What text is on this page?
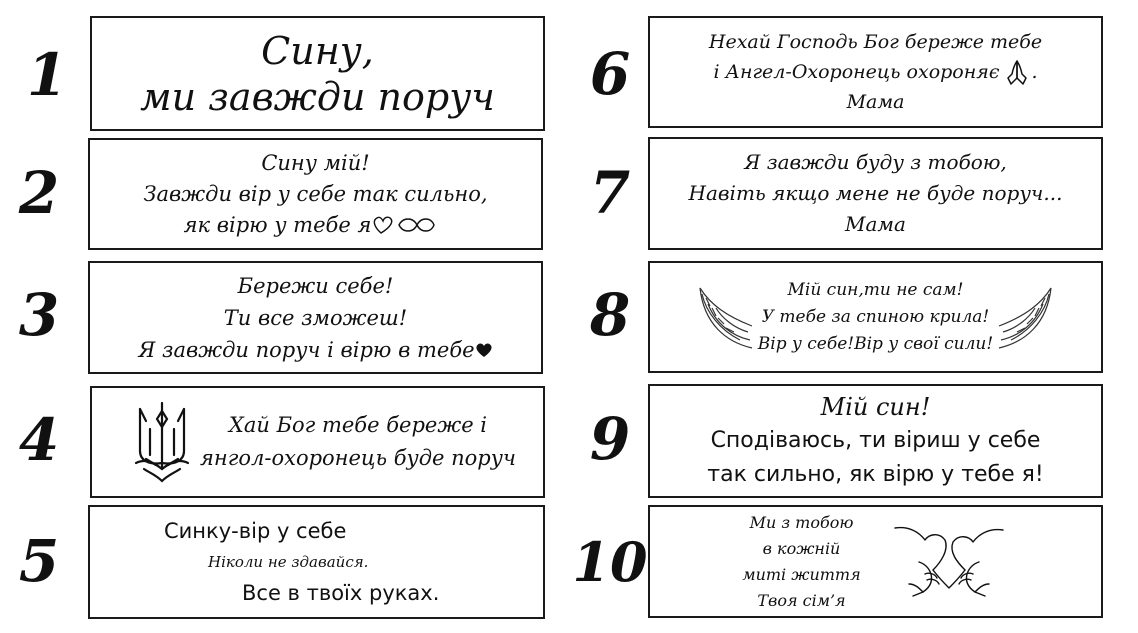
1	Сину,
ми завжди поруч
2	Сину мій!
Завжди вір у себе так сильно,
як вірю у тебе я
3	Бережи себе!
Ти все зможеш!
Я завжди поруч і вірю в тебе
4	Хай Бог тебе береже і
янгол-охоронець буде поруч
5	Синку-вір у себе
Ніколи не здавайся.
Все в твоїх руках.
6	Нехай Господь Бог береже тебе
і Ангел-Охоронець охороняє .
Мама
7	Я завжди буду з тобою,
Навіть якщо мене не буде поруч...
Мама
8	Мій син,ти не сам!
У тебе за спиною крила!
Вір у себе!Вір у свої сили!
9	Мій син!
Сподіваюсь, ти віриш у себе
так сильно, як вірю у тебе я!
10
Ми з тобою
в кожній
миті життя
Твоя сім’я
